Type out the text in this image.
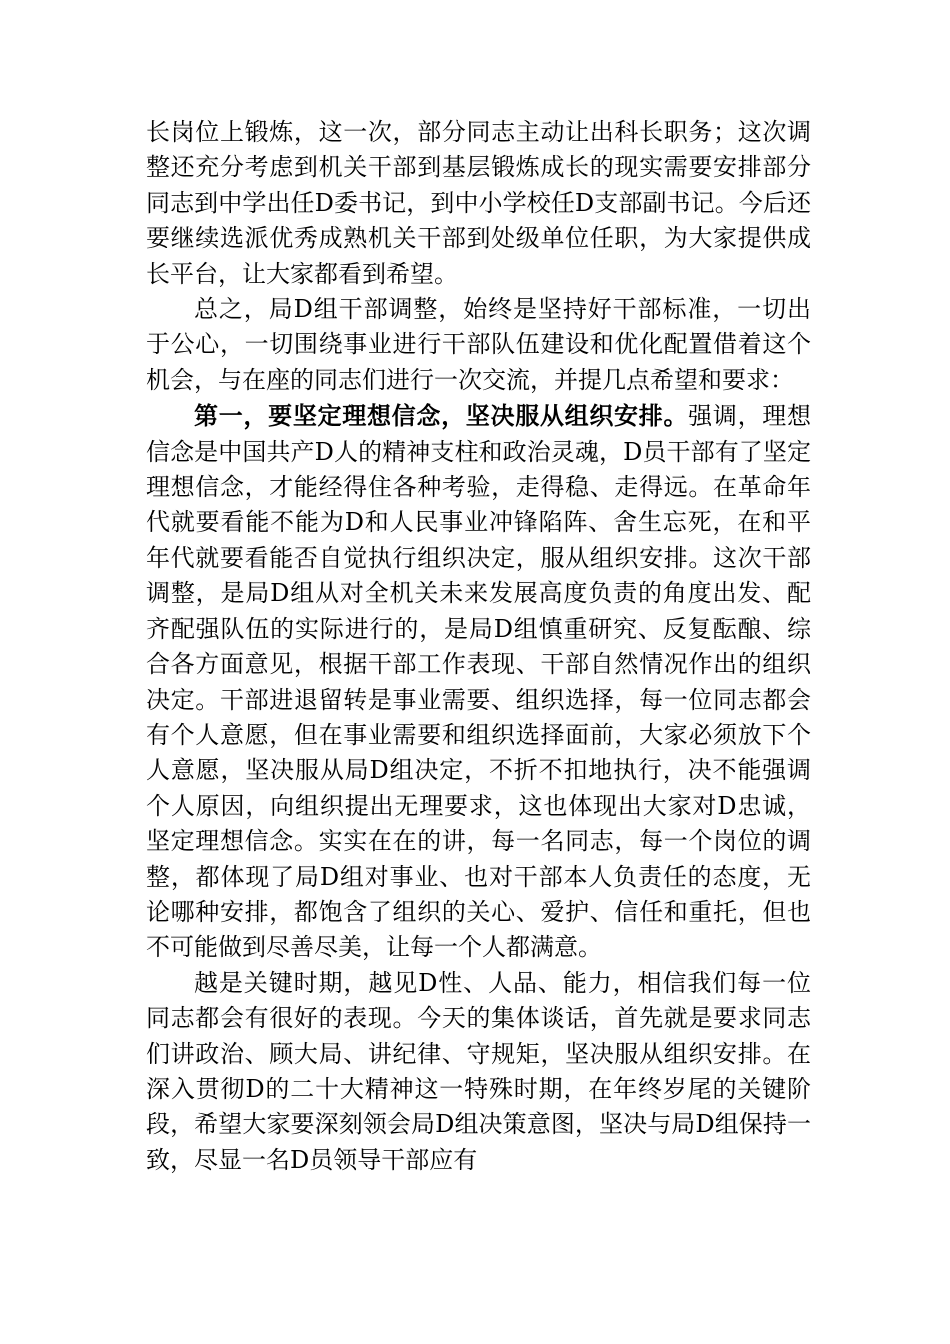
长岗位上锻炼，这一次，部分同志主动让出科长职务；这次调整还充分考虑到机关干部到基层锻炼成长的现实需要安排部分同志到中学出任D委书记，到中小学校任D支部副书记。今后还要继续选派优秀成熟机关干部到处级单位任职，为大家提供成长平台，让大家都看到希望。

总之，局D组干部调整，始终是坚持好干部标准，一切出于公心，一切围绕事业进行干部队伍建设和优化配置借着这个机会，与在座的同志们进行一次交流，并提几点希望和要求：

第一，要坚定理想信念，坚决服从组织安排。强调，理想信念是中国共产D人的精神支柱和政治灵魂，D员干部有了坚定理想信念，才能经得住各种考验，走得稳、走得远。在革命年代就要看能不能为D和人民事业冲锋陷阵、舍生忘死，在和平年代就要看能否自觉执行组织决定，服从组织安排。这次干部调整，是局D组从对全机关未来发展高度负责的角度出发、配齐配强队伍的实际进行的，是局D组慎重研究、反复酝酿、综合各方面意见，根据干部工作表现、干部自然情况作出的组织决定。干部进退留转是事业需要、组织选择，每一位同志都会有个人意愿，但在事业需要和组织选择面前，大家必须放下个人意愿，坚决服从局D组决定，不折不扣地执行，决不能强调个人原因，向组织提出无理要求，这也体现出大家对D忠诚，坚定理想信念。实实在在的讲，每一名同志，每一个岗位的调整，都体现了局D组对事业、也对干部本人负责任的态度，无论哪种安排，都饱含了组织的关心、爱护、信任和重托，但也不可能做到尽善尽美，让每一个人都满意。

越是关键时期，越见D性、人品、能力，相信我们每一位同志都会有很好的表现。今天的集体谈话，首先就是要求同志们讲政治、顾大局、讲纪律、守规矩，坚决服从组织安排。在深入贯彻D的二十大精神这一特殊时期，在年终岁尾的关键阶段，希望大家要深刻领会局D组决策意图，坚决与局D组保持一致，尽显一名D员领导干部应有
